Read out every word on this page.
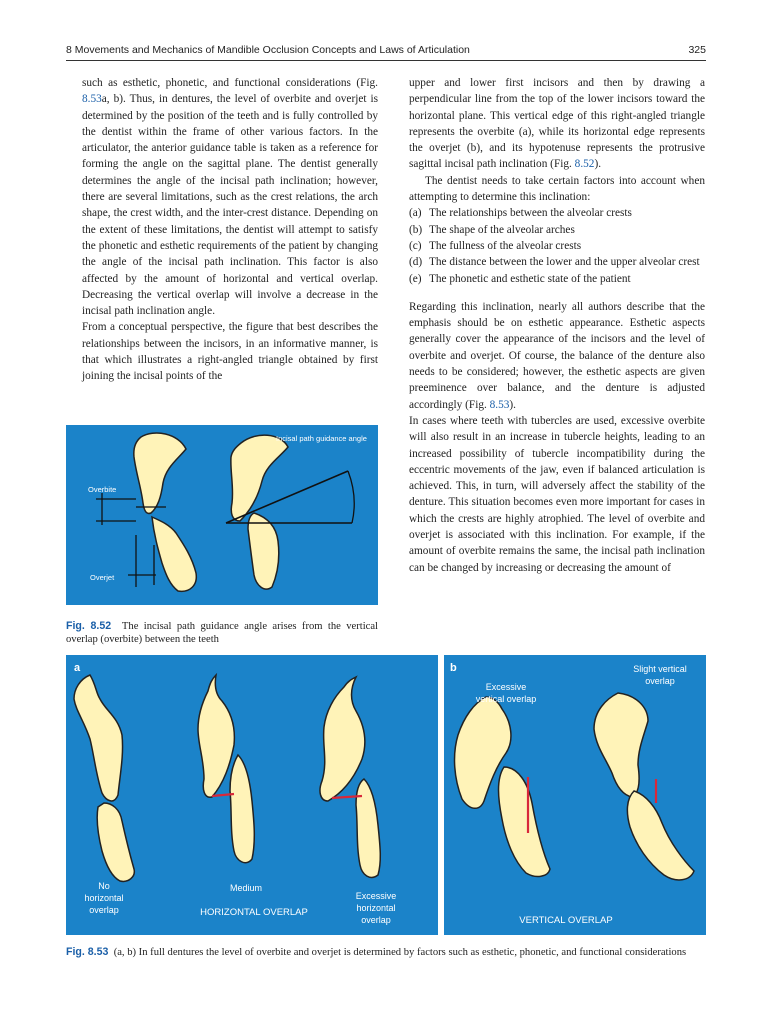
8 Movements and Mechanics of Mandible Occlusion Concepts and Laws of Articulation	325

such as esthetic, phonetic, and functional considerations (Fig. 8.53a, b). Thus, in dentures, the level of overbite and overjet is determined by the position of the teeth and is fully controlled by the dentist within the frame of other various factors. In the articulator, the anterior guidance table is taken as a reference for forming the angle on the sagittal plane. The dentist generally determines the angle of the incisal path inclination; however, there are several limitations, such as the crest relations, the arch shape, the crest width, and the inter-crest distance. Depending on the extent of these limitations, the dentist will attempt to satisfy the phonetic and esthetic requirements of the patient by changing the angle of the incisal path inclination. This factor is also affected by the amount of horizontal and vertical overlap. Decreasing the vertical overlap will involve a decrease in the incisal path inclination angle.

From a conceptual perspective, the figure that best describes the relationships between the incisors, in an informative manner, is that which illustrates a right-angled triangle obtained by first joining the incisal points of the

upper and lower first incisors and then by drawing a perpendicular line from the top of the lower incisors toward the horizontal plane. This vertical edge of this right-angled triangle represents the overbite (a), while its horizontal edge represents the overjet (b), and its hypotenuse represents the protrusive sagittal incisal path inclination (Fig. 8.52).

The dentist needs to take certain factors into account when attempting to determine this inclination:

(a) The relationships between the alveolar crests
(b) The shape of the alveolar arches
(c) The fullness of the alveolar crests
(d) The distance between the lower and the upper alveolar crest
(e) The phonetic and esthetic state of the patient

Regarding this inclination, nearly all authors describe that the emphasis should be on esthetic appearance. Esthetic aspects generally cover the appearance of the incisors and the level of overbite and overjet. Of course, the balance of the denture also needs to be considered; however, the esthetic aspects are given preeminence over balance, and the denture is adjusted accordingly (Fig. 8.53).

In cases where teeth with tubercles are used, excessive overbite will also result in an increase in tubercle heights, leading to an increased possibility of tubercle incompatibility during the eccentric movements of the jaw, even if balanced articulation is achieved. This, in turn, will adversely affect the stability of the denture. This situation becomes even more important for cases in which the crests are highly atrophied. The level of overbite and overjet is associated with this inclination. For example, if the amount of overbite remains the same, the incisal path inclination can be changed by increasing or decreasing the amount of

Overbite
Overjet
Incisal path guidance angle
Fig. 8.52 The incisal path guidance angle arises from the vertical overlap (overbite) between the teeth
a
No
horizontal
overlap
Medium
HORIZONTAL OVERLAP
Excessive
horizontal
overlap
b
Excessive
vertical overlap
Slight vertical
overlap
VERTICAL OVERLAP
Fig. 8.53 (a, b) In full dentures the level of overbite and overjet is determined by factors such as esthetic, phonetic, and functional considerations
